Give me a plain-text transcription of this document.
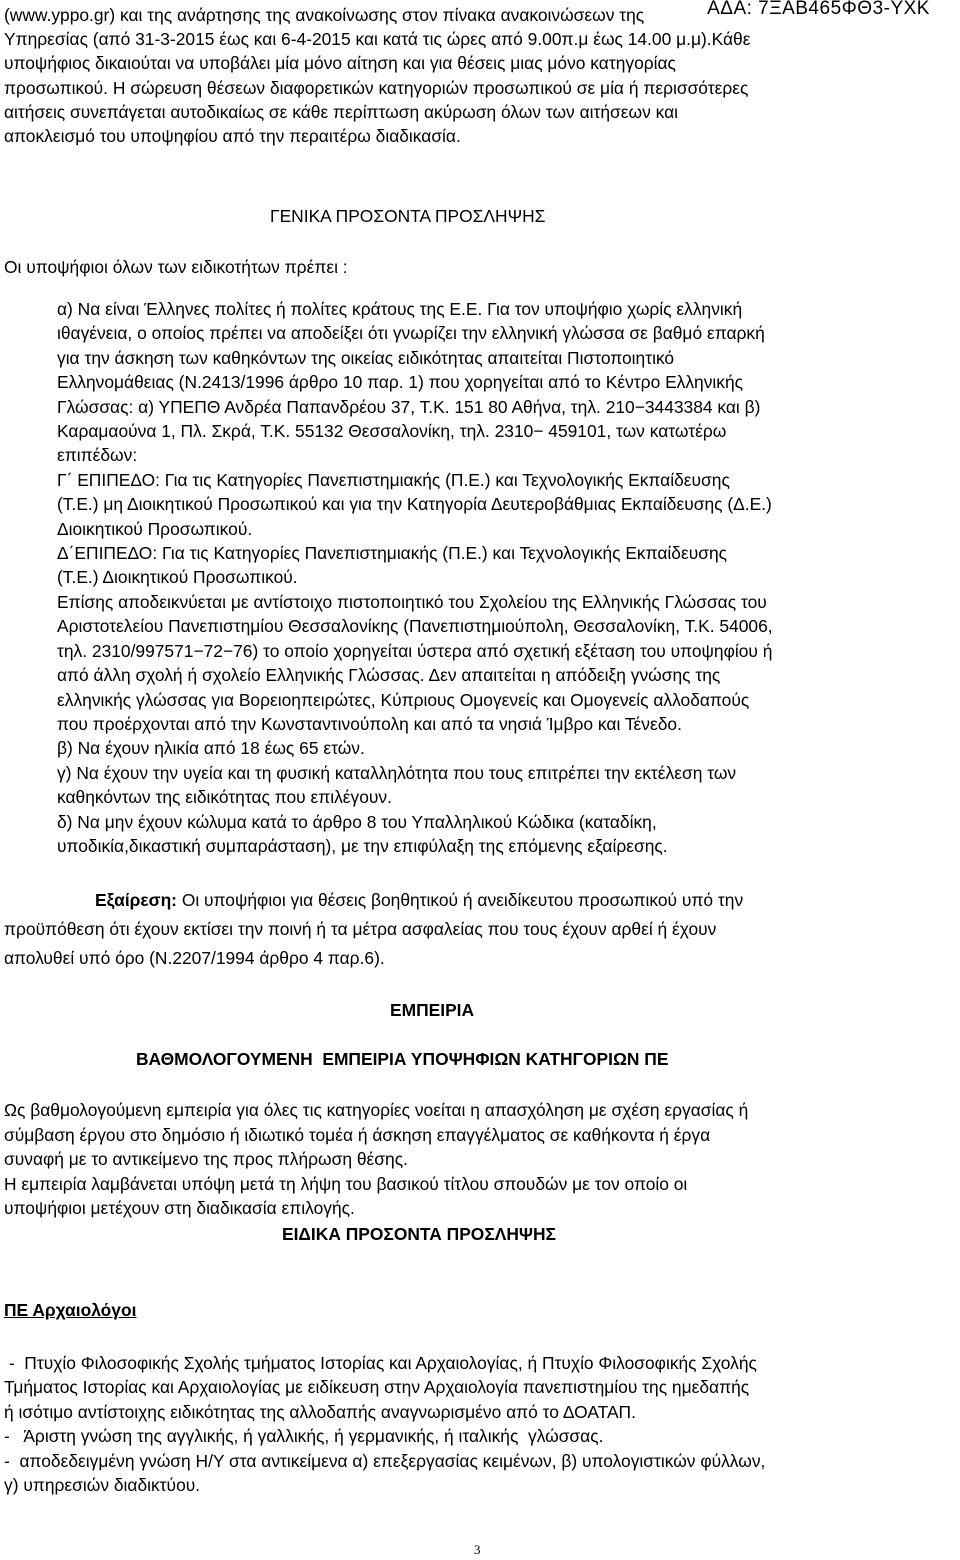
ΑΔΑ: 7ΞΑΒ465ΦΘ3-ΥΧΚ

(www.yppo.gr) και της ανάρτησης της ανακοίνωσης στον πίνακα ανακοινώσεων της

Υπηρεσίας (από 31-3-2015 έως και 6-4-2015 και κατά τις ώρες από 9.00π.μ έως 14.00 μ.μ).Κάθε

υποψήφιος δικαιούται να υποβάλει μία μόνο αίτηση και για θέσεις μιας μόνο κατηγορίας

προσωπικού. Η σώρευση θέσεων διαφορετικών κατηγοριών προσωπικού σε μία ή περισσότερες

αιτήσεις συνεπάγεται αυτοδικαίως σε κάθε περίπτωση ακύρωση όλων των αιτήσεων και

αποκλεισμό του υποψηφίου από την περαιτέρω διαδικασία.

ΓΕΝΙΚΑ ΠΡΟΣΟΝΤΑ ΠΡΟΣΛΗΨΗΣ
Οι υποψήφιοι όλων των ειδικοτήτων πρέπει :

α) Να είναι Έλληνες πολίτες ή πολίτες κράτους της Ε.Ε. Για τον υποψήφιο χωρίς ελληνική

ιθαγένεια, ο οποίος πρέπει να αποδείξει ότι γνωρίζει την ελληνική γλώσσα σε βαθμό επαρκή

για την άσκηση των καθηκόντων της οικείας ειδικότητας απαιτείται Πιστοποιητικό

Ελληνομάθειας (Ν.2413/1996 άρθρο 10 παρ. 1) που χορηγείται από το Κέντρο Ελληνικής

Γλώσσας: α) ΥΠΕΠΘ Ανδρέα Παπανδρέου 37, Τ.Κ. 151 80 Αθήνα, τηλ. 210−3443384 και β)

Καραμαούνα 1, Πλ. Σκρά, Τ.Κ. 55132 Θεσσαλονίκη, τηλ. 2310− 459101, των κατωτέρω

επιπέδων:

Γ΄ ΕΠΙΠΕΔΟ: Για τις Κατηγορίες Πανεπιστημιακής (Π.Ε.) και Τεχνολογικής Εκπαίδευσης

(Τ.Ε.) μη Διοικητικού Προσωπικού και για την Κατηγορία Δευτεροβάθμιας Εκπαίδευσης (Δ.Ε.)

Διοικητικού Προσωπικού.

Δ΄ΕΠΙΠΕΔΟ: Για τις Κατηγορίες Πανεπιστημιακής (Π.Ε.) και Τεχνολογικής Εκπαίδευσης

(Τ.Ε.) Διοικητικού Προσωπικού.

Επίσης αποδεικνύεται με αντίστοιχο πιστοποιητικό του Σχολείου της Ελληνικής Γλώσσας του

Αριστοτελείου Πανεπιστημίου Θεσσαλονίκης (Πανεπιστημιούπολη, Θεσσαλονίκη, Τ.Κ. 54006,

τηλ. 2310/997571−72−76) το οποίο χορηγείται ύστερα από σχετική εξέταση του υποψηφίου ή

από άλλη σχολή ή σχολείο Ελληνικής Γλώσσας. Δεν απαιτείται η απόδειξη γνώσης της

ελληνικής γλώσσας για Βορειοηπειρώτες, Κύπριους Ομογενείς και Ομογενείς αλλοδαπούς

που προέρχονται από την Κωνσταντινούπολη και από τα νησιά Ίμβρο και Τένεδο.

β) Να έχουν ηλικία από 18 έως 65 ετών.

γ) Να έχουν την υγεία και τη φυσική καταλληλότητα που τους επιτρέπει την εκτέλεση των

καθηκόντων της ειδικότητας που επιλέγουν.

δ) Να μην έχουν κώλυμα κατά το άρθρο 8 του Υπαλληλικού Κώδικα (καταδίκη,

υποδικία,δικαστική συμπαράσταση), με την επιφύλαξη της επόμενης εξαίρεσης.

Εξαίρεση: Οι υποψήφιοι για θέσεις βοηθητικού ή ανειδίκευτου προσωπικού υπό την

προϋπόθεση ότι έχουν εκτίσει την ποινή ή τα μέτρα ασφαλείας που τους έχουν αρθεί ή έχουν

απολυθεί υπό όρο (Ν.2207/1994 άρθρο 4 παρ.6).

ΕΜΠΕΙΡΙΑ
ΒΑΘΜΟΛΟΓΟΥΜΕΝΗ  ΕΜΠΕΙΡΙΑ ΥΠΟΨΗΦΙΩΝ ΚΑΤΗΓΟΡΙΩΝ ΠΕ

Ως βαθμολογούμενη εμπειρία για όλες τις κατηγορίες νοείται η απασχόληση με σχέση εργασίας ή

σύμβαση έργου στο δημόσιο ή ιδιωτικό τομέα ή άσκηση επαγγέλματος σε καθήκοντα ή έργα

συναφή με το αντικείμενο της προς πλήρωση θέσης.

Η εμπειρία λαμβάνεται υπόψη μετά τη λήψη του βασικού τίτλου σπουδών με τον οποίο οι

υποψήφιοι μετέχουν στη διαδικασία επιλογής.

ΕΙΔΙΚΑ ΠΡΟΣΟΝΤΑ ΠΡΟΣΛΗΨΗΣ
ΠΕ Αρχαιολόγοι

-  Πτυχίο Φιλοσοφικής Σχολής τμήματος Ιστορίας και Αρχαιολογίας, ή Πτυχίο Φιλοσοφικής Σχολής

Τμήματος Ιστορίας και Αρχαιολογίας με ειδίκευση στην Αρχαιολογία πανεπιστημίου της ημεδαπής

ή ισότιμο αντίστοιχης ειδικότητας της αλλοδαπής αναγνωρισμένο από το ΔΟΑΤΑΠ.

-   Άριστη γνώση της αγγλικής, ή γαλλικής, ή γερμανικής, ή ιταλικής  γλώσσας.

-  αποδεδειγμένη γνώση Η/Υ στα αντικείμενα α) επεξεργασίας κειμένων, β) υπολογιστικών φύλλων,

γ) υπηρεσιών διαδικτύου.

3
